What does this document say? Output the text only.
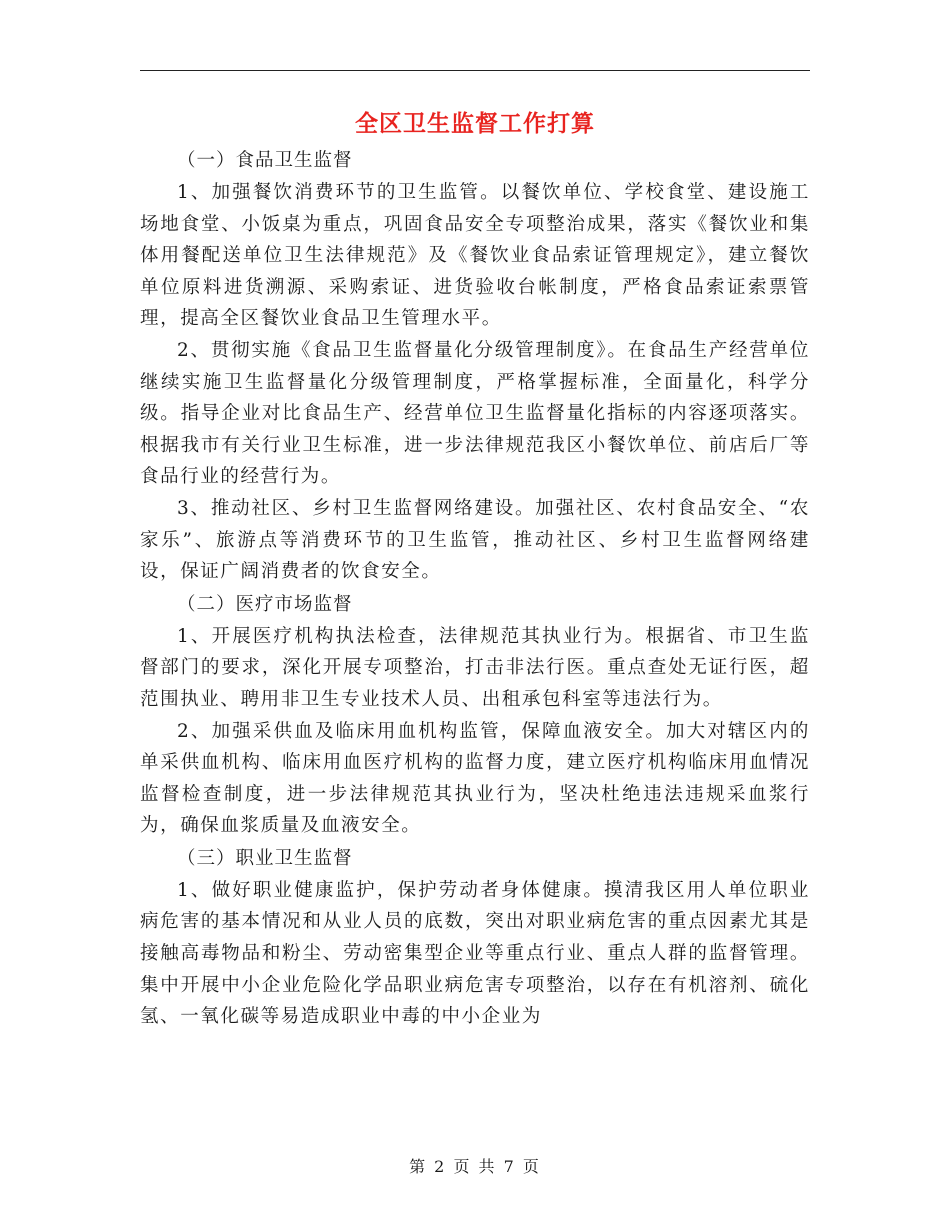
全区卫生监督工作打算

（一）食品卫生监督

1、加强餐饮消费环节的卫生监管。以餐饮单位、学校食堂、建设施工场地食堂、小饭桌为重点，巩固食品安全专项整治成果，落实《餐饮业和集体用餐配送单位卫生法律规范》及《餐饮业食品索证管理规定》，建立餐饮单位原料进货溯源、采购索证、进货验收台帐制度，严格食品索证索票管理，提高全区餐饮业食品卫生管理水平。

2、贯彻实施《食品卫生监督量化分级管理制度》。在食品生产经营单位继续实施卫生监督量化分级管理制度，严格掌握标准，全面量化，科学分级。指导企业对比食品生产、经营单位卫生监督量化指标的内容逐项落实。根据我市有关行业卫生标准，进一步法律规范我区小餐饮单位、前店后厂等食品行业的经营行为。

3、推动社区、乡村卫生监督网络建设。加强社区、农村食品安全、“农家乐”、旅游点等消费环节的卫生监管，推动社区、乡村卫生监督网络建设，保证广阔消费者的饮食安全。

（二）医疗市场监督

1、开展医疗机构执法检查，法律规范其执业行为。根据省、市卫生监督部门的要求，深化开展专项整治，打击非法行医。重点查处无证行医，超范围执业、聘用非卫生专业技术人员、出租承包科室等违法行为。

2、加强采供血及临床用血机构监管，保障血液安全。加大对辖区内的单采供血机构、临床用血医疗机构的监督力度，建立医疗机构临床用血情况监督检查制度，进一步法律规范其执业行为，坚决杜绝违法违规采血浆行为，确保血浆质量及血液安全。

（三）职业卫生监督

1、做好职业健康监护，保护劳动者身体健康。摸清我区用人单位职业病危害的基本情况和从业人员的底数，突出对职业病危害的重点因素尤其是接触高毒物品和粉尘、劳动密集型企业等重点行业、重点人群的监督管理。集中开展中小企业危险化学品职业病危害专项整治，以存在有机溶剂、硫化氢、一氧化碳等易造成职业中毒的中小企业为

第 2 页 共 7 页
